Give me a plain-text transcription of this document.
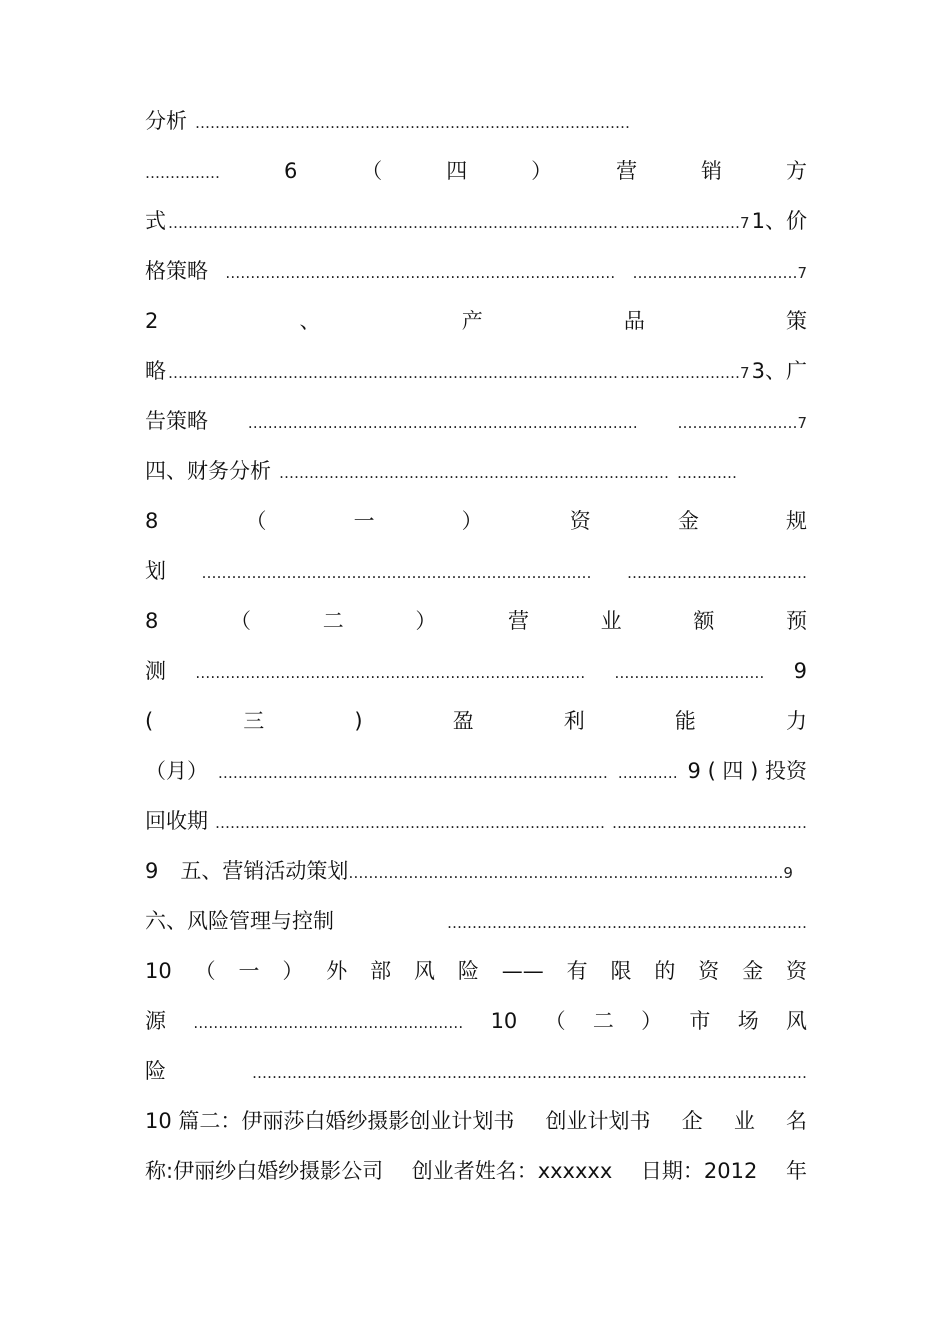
分析 ……………………………………………………………………………
……………	6	（	四	）	营	销	方
式 ……………………………………………………………………………… ……………………7 1、价
格策略 …………………………………………………………………… ……………………………7
2	、	产	品	策
略 ……………………………………………………………………………… ……………………7 3、广
告策略	……………………………………………………………………	……………………7
四、财务分析 …………………………………………………………………… …………
8	（	一	）	资	金	规
划 …………………………………………………………………… ………………………………
8	（	二	）	营	业	额	预
测 …………………………………………………………………… ………………………… 9
(	三	)	盈	利	能	力
（月） …………………………………………………………………… ………… 9 ( 四 ) 投资
回收期 …………………………………………………………………… …………………………………
9 五、营销活动策划 ……………………………………………………………………………9
六、风险管理与控制	………………………………………………………………
10 （ 一 ） 外 部 风 险 —— 有 限 的 资 金 资
源 ……………………………………………… 10 （ 二 ） 市 场 风
险	…………………………………………………………………………………………………
10 篇二：伊丽莎白婚纱摄影创业计划书 创业计划书 企 业 名
称:伊丽纱白婚纱摄影公司 创业者姓名：xxxxxx 日期：2012 年
